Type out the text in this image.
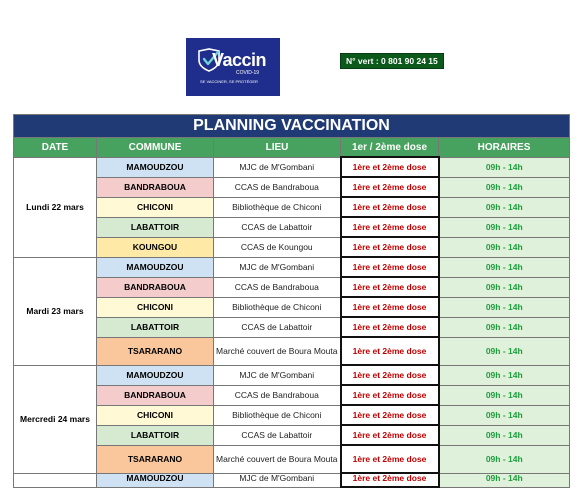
Vaccin
COVID-19
SE VACCINER, SE PROTÉGER
N° vert : 0 801 90 24 15
PLANNING VACCINATION				
DATE	COMMUNE	LIEU	1er / 2ème dose	HORAIRES
Lundi 22 mars	MAMOUDZOU	MJC de M'Gombani	1ère et 2ème dose	09h - 14h
	BANDRABOUA	CCAS de Bandraboua	1ère et 2ème dose	09h - 14h
	CHICONI	Bibliothèque de Chiconi	1ère et 2ème dose	09h - 14h
	LABATTOIR	CCAS de Labattoir	1ère et 2ème dose	09h - 14h
	KOUNGOU	CCAS de Koungou	1ère et 2ème dose	09h - 14h
Mardi 23 mars	MAMOUDZOU	MJC de M'Gombani	1ère et 2ème dose	09h - 14h
	BANDRABOUA	CCAS de Bandraboua	1ère et 2ème dose	09h - 14h
	CHICONI	Bibliothèque de Chiconi	1ère et 2ème dose	09h - 14h
	LABATTOIR	CCAS de Labattoir	1ère et 2ème dose	09h - 14h
	TSARARANO	Marché couvert de Boura Mouta	1ère et 2ème dose	09h - 14h
Mercredi 24 mars	MAMOUDZOU	MJC de M'Gombani	1ère et 2ème dose	09h - 14h
	BANDRABOUA	CCAS de Bandraboua	1ère et 2ème dose	09h - 14h
	CHICONI	Bibliothèque de Chiconi	1ère et 2ème dose	09h - 14h
	LABATTOIR	CCAS de Labattoir	1ère et 2ème dose	09h - 14h
	TSARARANO	Marché couvert de Boura Mouta	1ère et 2ème dose	09h - 14h
	MAMOUDZOU	MJC de M'Gombani	1ère et 2ème dose	09h - 14h
